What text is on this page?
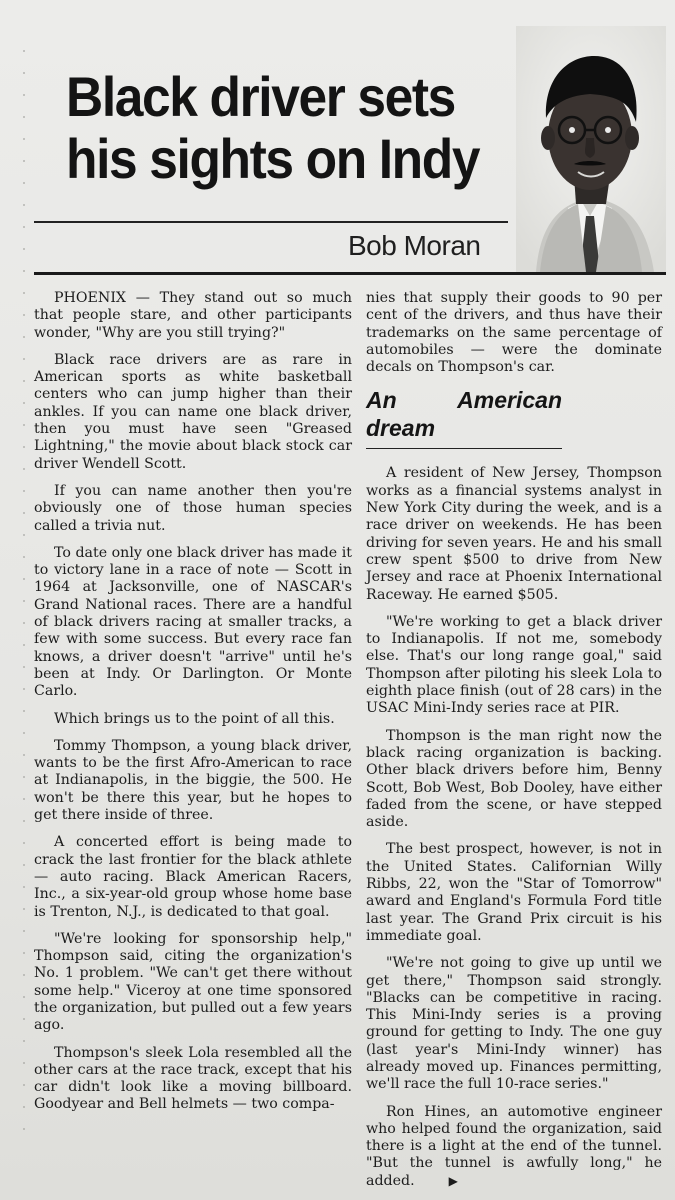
Black driver sets
his sights on Indy
Bob Moran

PHOENIX — They stand out so much that people stare, and other participants wonder, "Why are you still trying?"

Black race drivers are as rare in American sports as white basketball centers who can jump higher than their ankles. If you can name one black driver, then you must have seen "Greased Lightning," the movie about black stock car driver Wendell Scott.

If you can name another then you're obviously one of those human species called a trivia nut.

To date only one black driver has made it to victory lane in a race of note — Scott in 1964 at Jacksonville, one of NASCAR's Grand National races. There are a handful of black drivers racing at smaller tracks, a few with some success. But every race fan knows, a driver doesn't "arrive" until he's been at Indy. Or Darlington. Or Monte Carlo.

Which brings us to the point of all this.

Tommy Thompson, a young black driver, wants to be the first Afro-American to race at Indianapolis, in the biggie, the 500. He won't be there this year, but he hopes to get there inside of three.

A concerted effort is being made to crack the last frontier for the black athlete — auto racing. Black American Racers, Inc., a six-year-old group whose home base is Trenton, N.J., is dedicated to that goal.

"We're looking for sponsorship help," Thompson said, citing the organization's No. 1 problem. "We can't get there without some help." Viceroy at one time sponsored the organization, but pulled out a few years ago.

Thompson's sleek Lola resembled all the other cars at the race track, except that his car didn't look like a moving billboard. Goodyear and Bell helmets — two compa-

nies that supply their goods to 90 per cent of the drivers, and thus have their trademarks on the same percentage of automobiles — were the dominate decals on Thompson's car.

An American dream

A resident of New Jersey, Thompson works as a financial systems analyst in New York City during the week, and is a race driver on weekends. He has been driving for seven years. He and his small crew spent $500 to drive from New Jersey and race at Phoenix International Raceway. He earned $505.

"We're working to get a black driver to Indianapolis. If not me, somebody else. That's our long range goal," said Thompson after piloting his sleek Lola to eighth place finish (out of 28 cars) in the USAC Mini-Indy series race at PIR.

Thompson is the man right now the black racing organization is backing. Other black drivers before him, Benny Scott, Bob West, Bob Dooley, have either faded from the scene, or have stepped aside.

The best prospect, however, is not in the United States. Californian Willy Ribbs, 22, won the "Star of Tomorrow" award and England's Formula Ford title last year. The Grand Prix circuit is his immediate goal.

"We're not going to give up until we get there," Thompson said strongly. "Blacks can be competitive in racing. This Mini-Indy series is a proving ground for getting to Indy. The one guy (last year's Mini-Indy winner) has already moved up. Finances permitting, we'll race the full 10-race series."

Ron Hines, an automotive engineer who helped found the organization, said there is a light at the end of the tunnel. "But the tunnel is awfully long," he added.	▶
